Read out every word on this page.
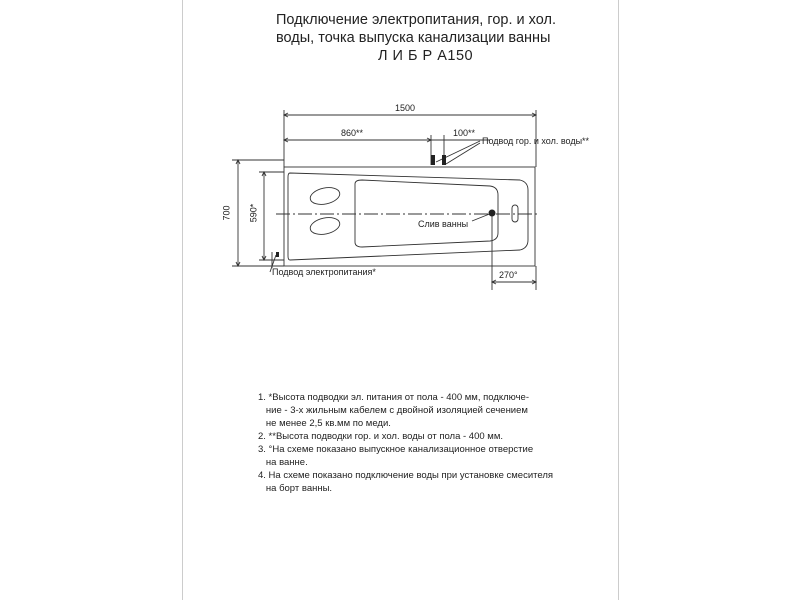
Подключение электропитания, гор. и хол.
воды, точка выпуска канализации ванны
Л И Б Р А150
1500
860**	100**
700 590*
270°
Подвод гор. и хол. воды**
Слив ванны
Подвод электропитания*
1. *Высота подводки эл. питания от пола - 400 мм, подключе-
ние - 3-х жильным кабелем с двойной изоляцией сечением
не менее 2,5 кв.мм по меди.
2. **Высота подводки гор. и хол. воды от пола - 400 мм.
3. °На схеме показано выпускное канализационное отверстие
на ванне.
4. На схеме показано подключение воды при установке смесителя
на борт ванны.
